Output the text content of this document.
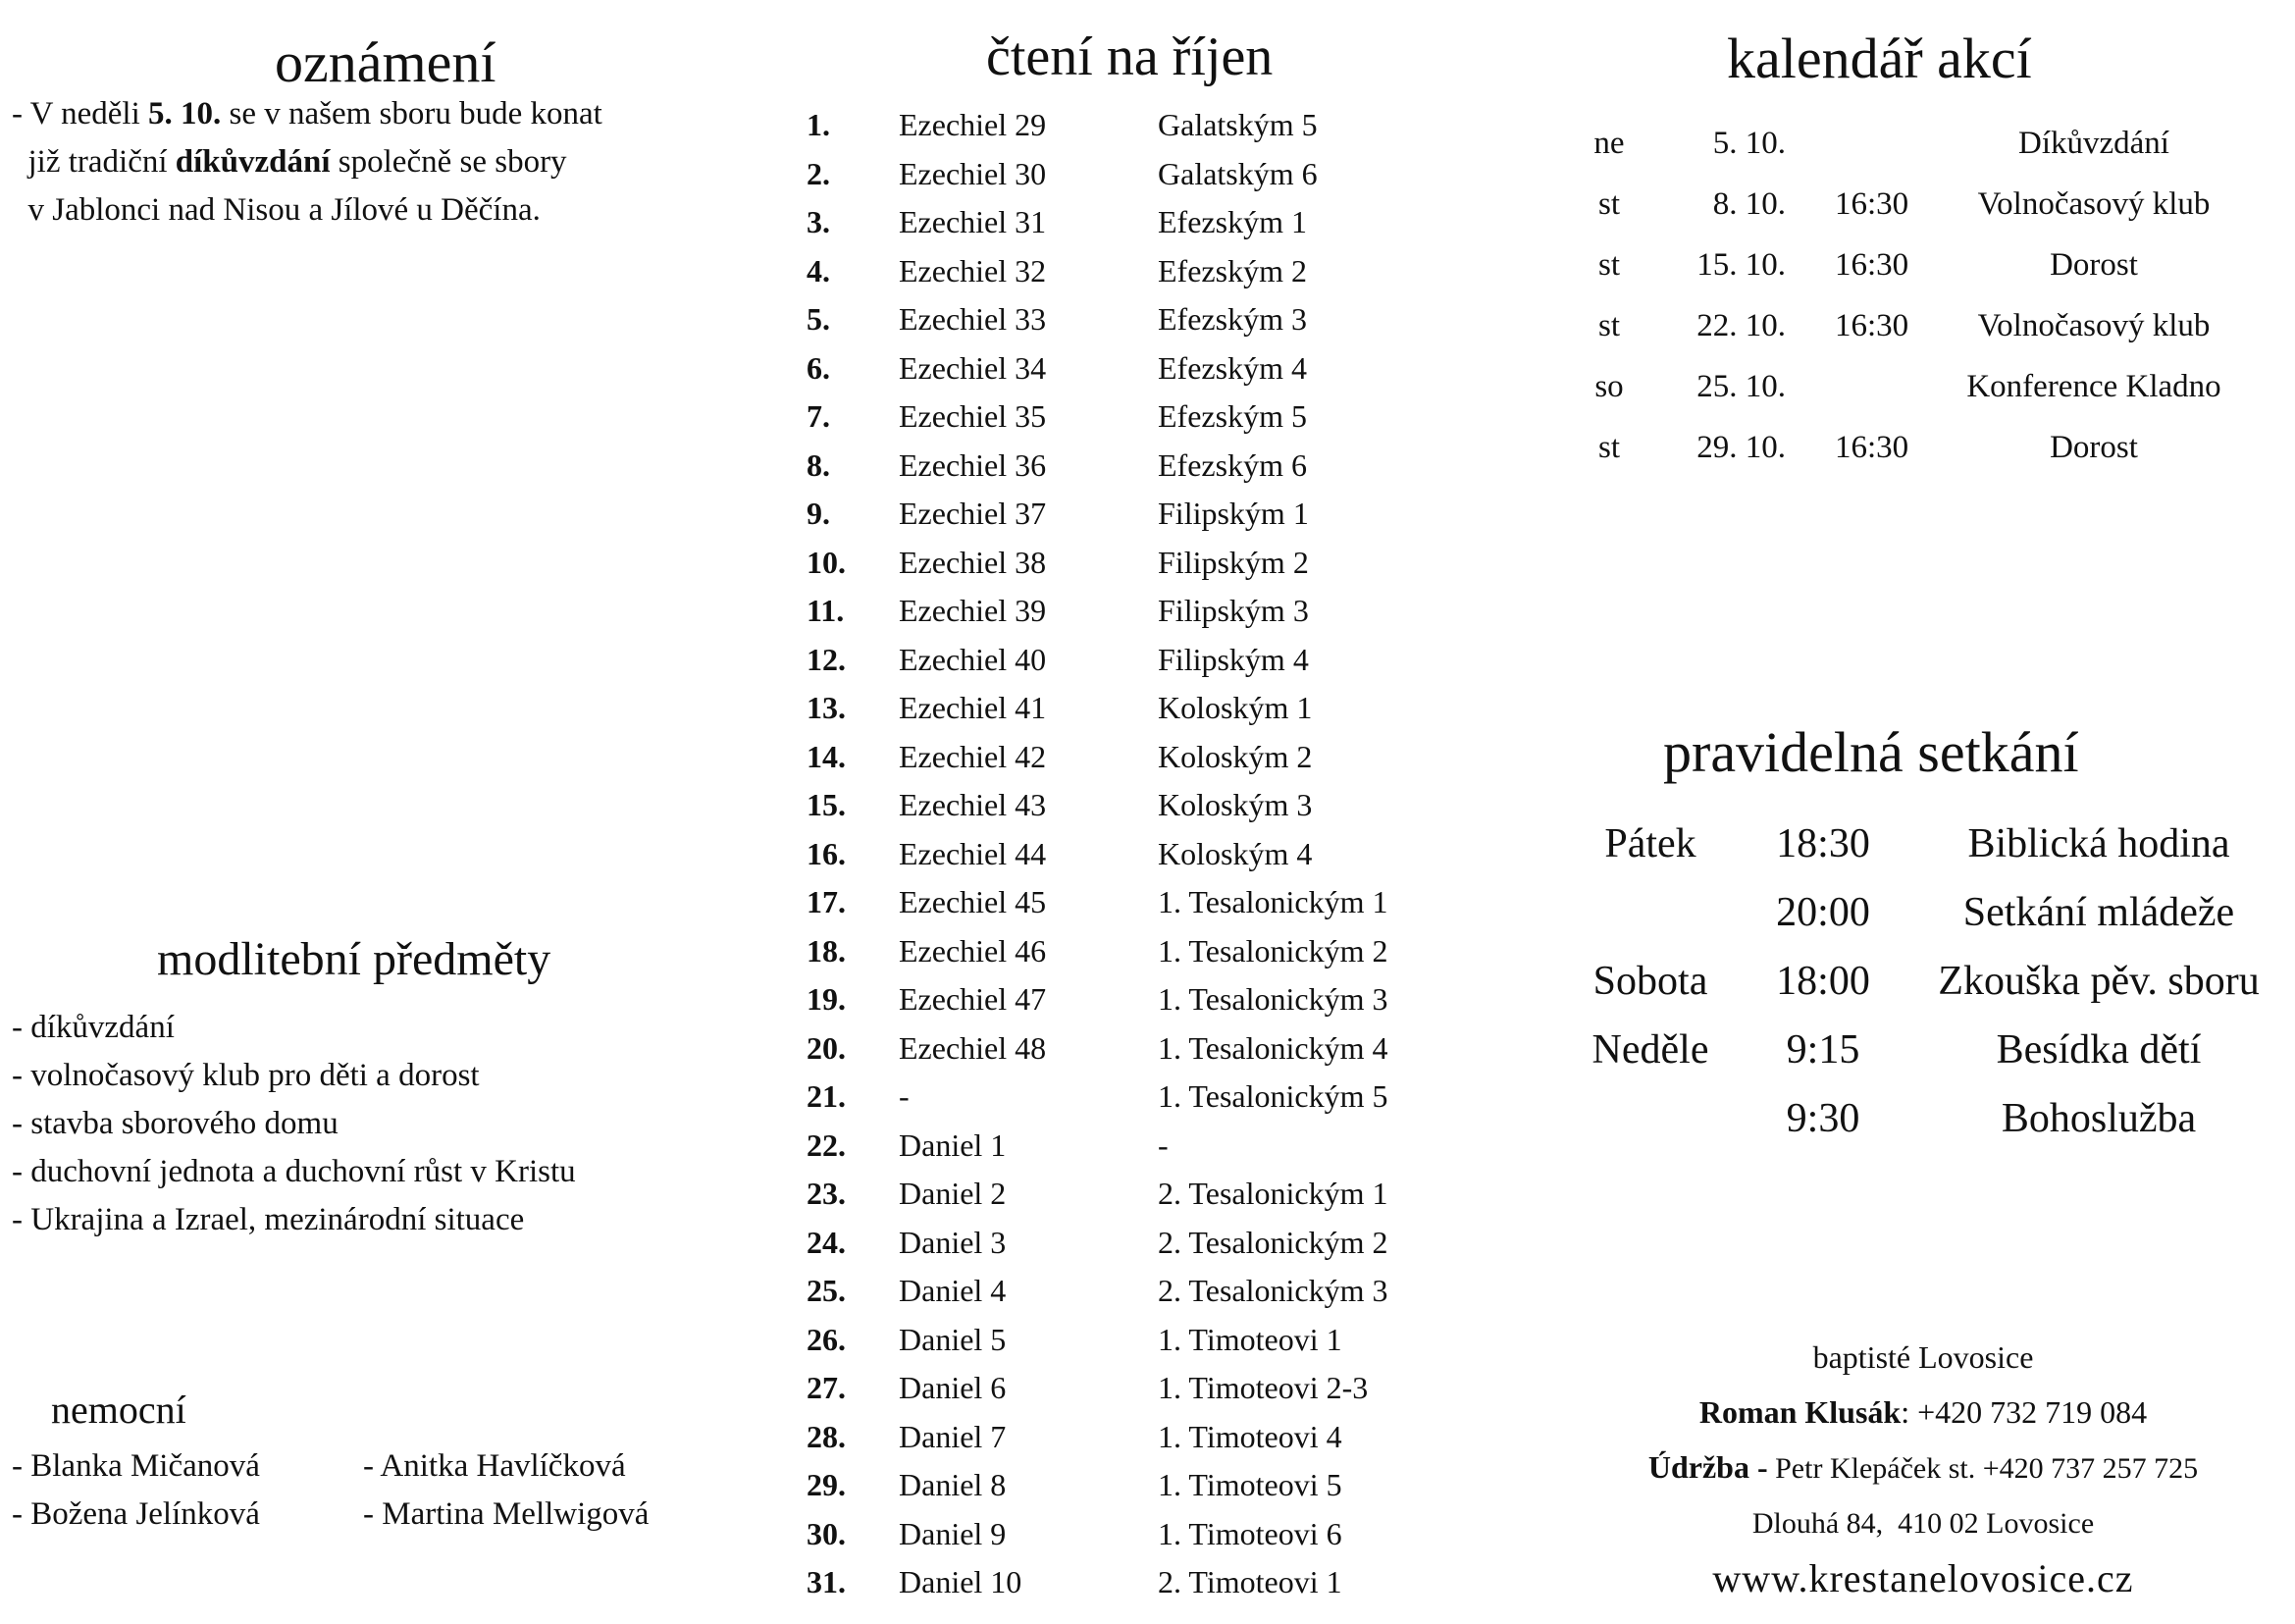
oznámení
- V neděli 5. 10. se v našem sboru bude konat
již tradiční díkůvzdání společně se sbory
v Jablonci nad Nisou a Jílové u Děčína.
modlitební předměty
- díkůvzdání
- volnočasový klub pro děti a dorost
- stavba sborového domu
- duchovní jednota a duchovní růst v Kristu
- Ukrajina a Izrael, mezinárodní situace
nemocní
- Blanka Mičanová
- Božena Jelínková
- Anitka Havlíčková
- Martina Mellwigová
čtení na říjen
1. Ezechiel 29	Galatským 5
2. Ezechiel 30	Galatským 6
3. Ezechiel 31	Efezským 1
4. Ezechiel 32	Efezským 2
5. Ezechiel 33	Efezským 3
6. Ezechiel 34	Efezským 4
7. Ezechiel 35	Efezským 5
8. Ezechiel 36	Efezským 6
9. Ezechiel 37	Filipským 1
10. Ezechiel 38	Filipským 2
11. Ezechiel 39	Filipským 3
12. Ezechiel 40	Filipským 4
13. Ezechiel 41	Koloským 1
14. Ezechiel 42	Koloským 2
15. Ezechiel 43	Koloským 3
16. Ezechiel 44	Koloským 4
17. Ezechiel 45	1. Tesalonickým 1
18. Ezechiel 46	1. Tesalonickým 2
19. Ezechiel 47	1. Tesalonickým 3
20. Ezechiel 48	1. Tesalonickým 4
21. -	1. Tesalonickým 5
22. Daniel 1	-
23. Daniel 2	2. Tesalonickým 1
24. Daniel 3	2. Tesalonickým 2
25. Daniel 4	2. Tesalonickým 3
26. Daniel 5	1. Timoteovi 1
27. Daniel 6	1. Timoteovi 2-3
28. Daniel 7	1. Timoteovi 4
29. Daniel 8	1. Timoteovi 5
30. Daniel 9	1. Timoteovi 6
31. Daniel 10	2. Timoteovi 1
kalendář akcí
ne	5. 10.	Díkůvzdání
st	8. 10. 16:30 Volnočasový klub
st 15. 10. 16:30	Dorost
st 22. 10. 16:30 Volnočasový klub
so 25. 10.	Konference Kladno
st 29. 10. 16:30	Dorost
pravidelná setkání
Pátek 18:30 Biblická hodina
20:00 Setkání mládeže
Sobota 18:00 Zkouška pěv. sboru
Neděle 9:15	Besídka dětí
9:30	Bohoslužba
baptisté Lovosice
Roman Klusák: +420 732 719 084
Údržba - Petr Klepáček st. +420 737 257 725
Dlouhá 84,  410 02 Lovosice
www.krestanelovosice.cz
